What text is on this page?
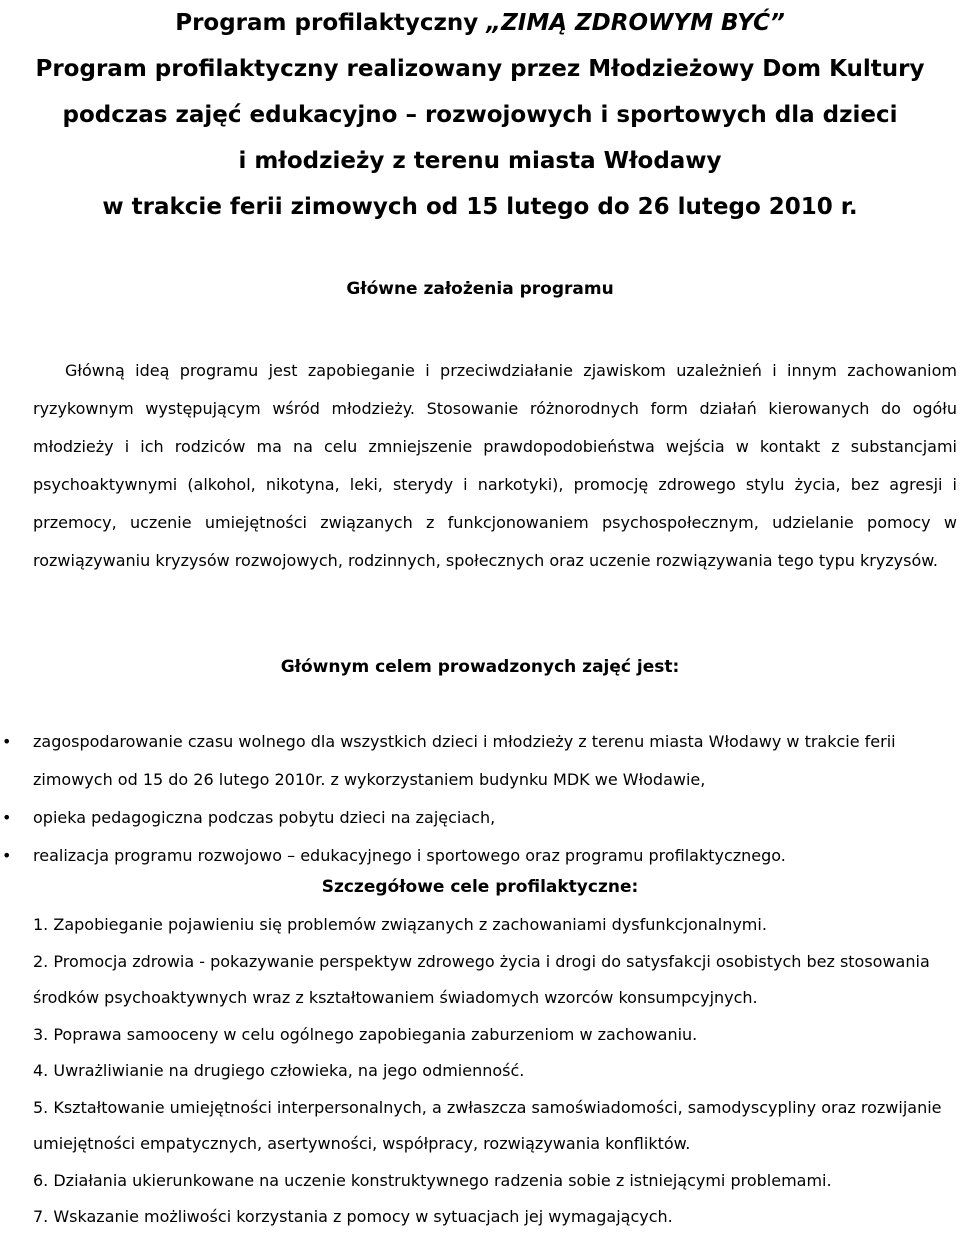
Program profilaktyczny „ZIMĄ ZDROWYM BYĆ”
Program profilaktyczny realizowany przez Młodzieżowy Dom Kultury
podczas zajęć edukacyjno – rozwojowych i sportowych dla dzieci
i młodzieży z terenu miasta Włodawy
w trakcie ferii zimowych od 15 lutego do 26 lutego 2010 r.
Główne założenia programu
Główną ideą programu jest zapobieganie i przeciwdziałanie zjawiskom uzależnień i innym zachowaniom ryzykownym występującym wśród młodzieży. Stosowanie różnorodnych form działań kierowanych do ogółu młodzieży i ich rodziców ma na celu zmniejszenie prawdopodobieństwa wejścia w kontakt z substancjami psychoaktywnymi (alkohol, nikotyna, leki, sterydy i narkotyki), promocję zdrowego stylu życia, bez agresji i przemocy, uczenie umiejętności związanych z funkcjonowaniem psychospołecznym, udzielanie pomocy w rozwiązywaniu kryzysów rozwojowych, rodzinnych, społecznych oraz uczenie rozwiązywania tego typu kryzysów.
Głównym celem prowadzonych zajęć jest:
• zagospodarowanie czasu wolnego dla wszystkich dzieci i młodzieży z terenu miasta Włodawy w trakcie ferii zimowych od 15 do 26 lutego 2010r. z wykorzystaniem budynku MDK we Włodawie,
• opieka pedagogiczna podczas pobytu dzieci na zajęciach,
• realizacja programu rozwojowo – edukacyjnego i sportowego oraz programu profilaktycznego.
Szczegółowe cele profilaktyczne:
1. Zapobieganie pojawieniu się problemów związanych z zachowaniami dysfunkcjonalnymi.
2. Promocja zdrowia - pokazywanie perspektyw zdrowego życia i drogi do satysfakcji osobistych bez stosowania środków psychoaktywnych wraz z kształtowaniem świadomych wzorców konsumpcyjnych.
3. Poprawa samooceny w celu ogólnego zapobiegania zaburzeniom w zachowaniu.
4. Uwrażliwianie na drugiego człowieka, na jego odmienność.
5. Kształtowanie umiejętności interpersonalnych, a zwłaszcza samoświadomości, samodyscypliny oraz rozwijanie umiejętności empatycznych, asertywności, współpracy, rozwiązywania konfliktów.
6. Działania ukierunkowane na uczenie konstruktywnego radzenia sobie z istniejącymi problemami.
7. Wskazanie możliwości korzystania z pomocy w sytuacjach jej wymagających.
